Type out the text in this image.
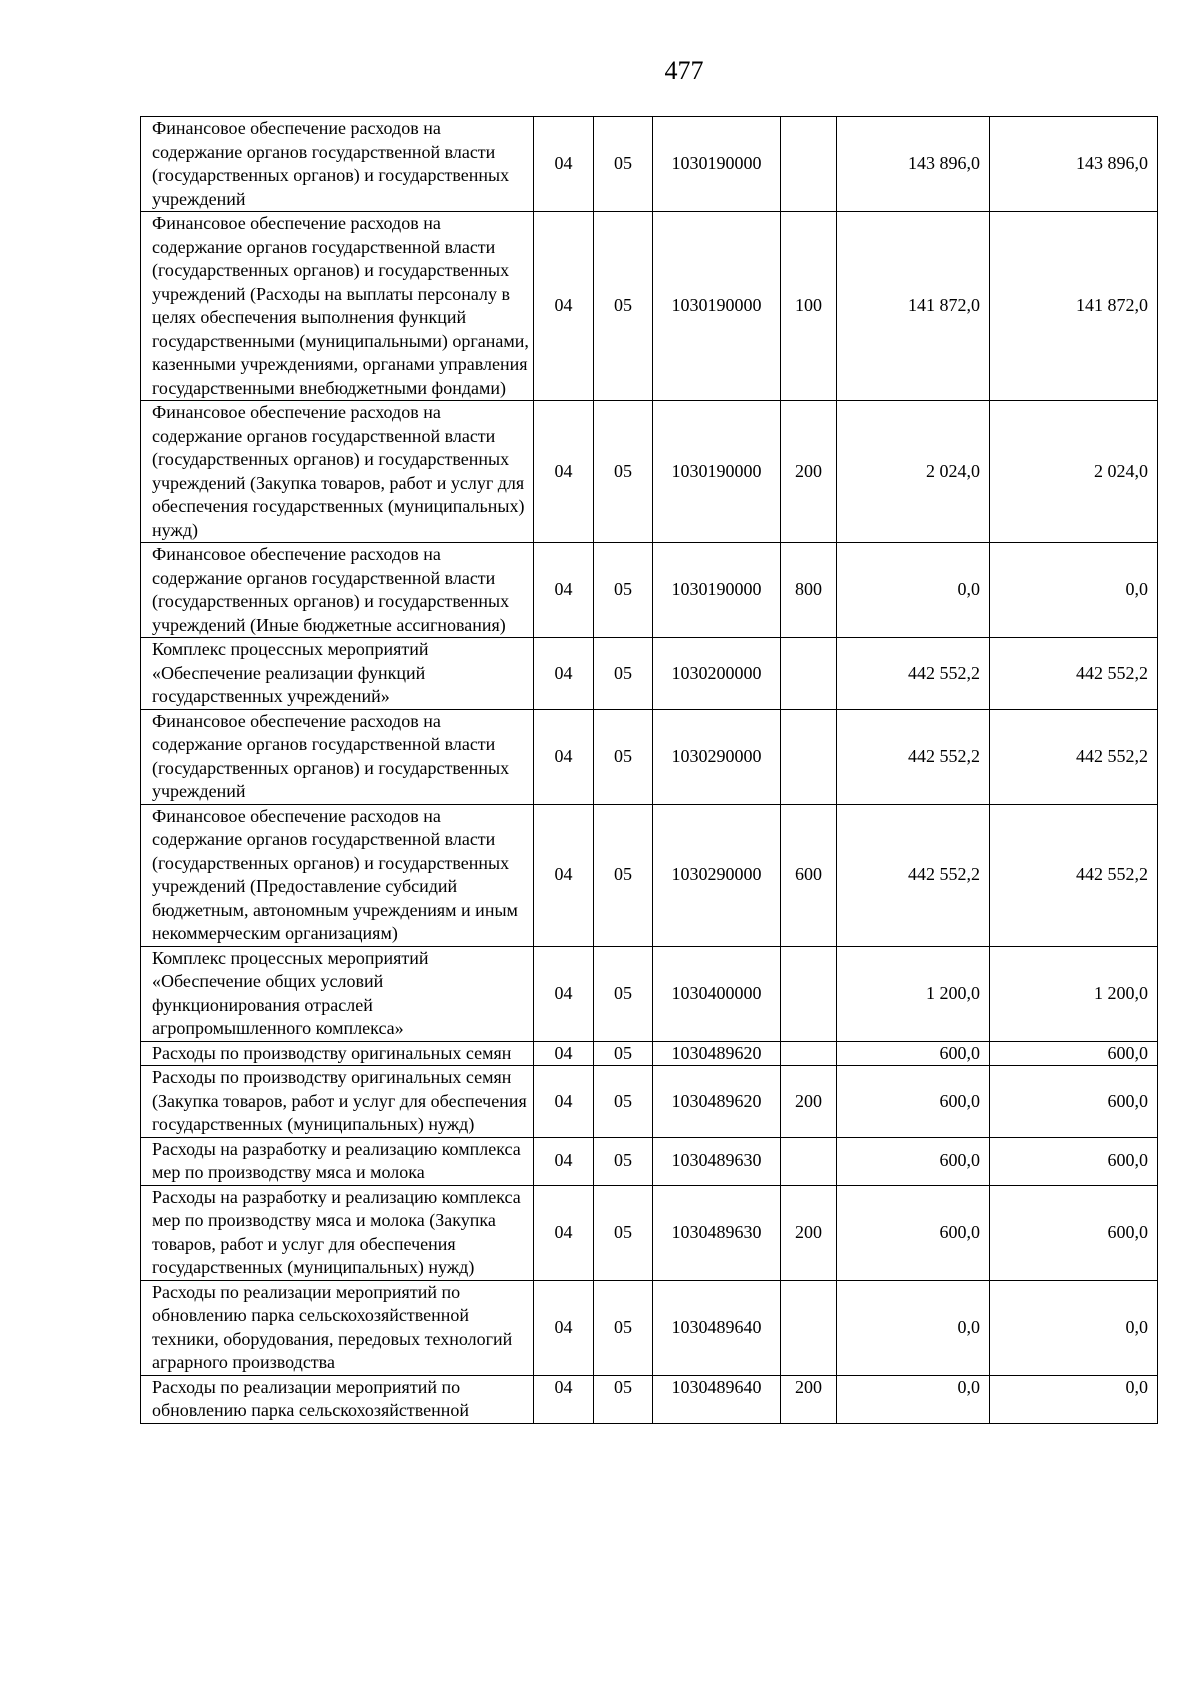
477
Финансовое обеспечение расходов на содержание органов государственной власти (государственных органов) и государственных учреждений	04	05	1030190000		143 896,0	143 896,0
Финансовое обеспечение расходов на содержание органов государственной власти (государственных органов) и государственных учреждений (Расходы на выплаты персоналу в целях обеспечения выполнения функций государственными (муниципальными) органами, казенными учреждениями, органами управления государственными внебюджетными фондами)	04	05	1030190000	100	141 872,0	141 872,0
Финансовое обеспечение расходов на содержание органов государственной власти (государственных органов) и государственных учреждений (Закупка товаров, работ и услуг для обеспечения государственных (муниципальных) нужд)	04	05	1030190000	200	2 024,0	2 024,0
Финансовое обеспечение расходов на содержание органов государственной власти (государственных органов) и государственных учреждений (Иные бюджетные ассигнования)	04	05	1030190000	800	0,0	0,0
Комплекс процессных мероприятий «Обеспечение реализации функций государственных учреждений»	04	05	1030200000		442 552,2	442 552,2
Финансовое обеспечение расходов на содержание органов государственной власти (государственных органов) и государственных учреждений	04	05	1030290000		442 552,2	442 552,2
Финансовое обеспечение расходов на содержание органов государственной власти (государственных органов) и государственных учреждений (Предоставление субсидий бюджетным, автономным учреждениям и иным некоммерческим организациям)	04	05	1030290000	600	442 552,2	442 552,2
Комплекс процессных мероприятий «Обеспечение общих условий функционирования отраслей агропромышленного комплекса»	04	05	1030400000		1 200,0	1 200,0
Расходы по производству оригинальных семян	04	05	1030489620		600,0	600,0
Расходы по производству оригинальных семян (Закупка товаров, работ и услуг для обеспечения государственных (муниципальных) нужд)	04	05	1030489620	200	600,0	600,0
Расходы на разработку и реализацию комплекса мер по производству мяса и молока	04	05	1030489630		600,0	600,0
Расходы на разработку и реализацию комплекса мер по производству мяса и молока (Закупка товаров, работ и услуг для обеспечения государственных (муниципальных) нужд)	04	05	1030489630	200	600,0	600,0
Расходы по реализации мероприятий по обновлению парка сельскохозяйственной техники, оборудования, передовых технологий аграрного производства	04	05	1030489640		0,0	0,0
Расходы по реализации мероприятий по обновлению парка сельскохозяйственной	04	05	1030489640	200	0,0	0,0
